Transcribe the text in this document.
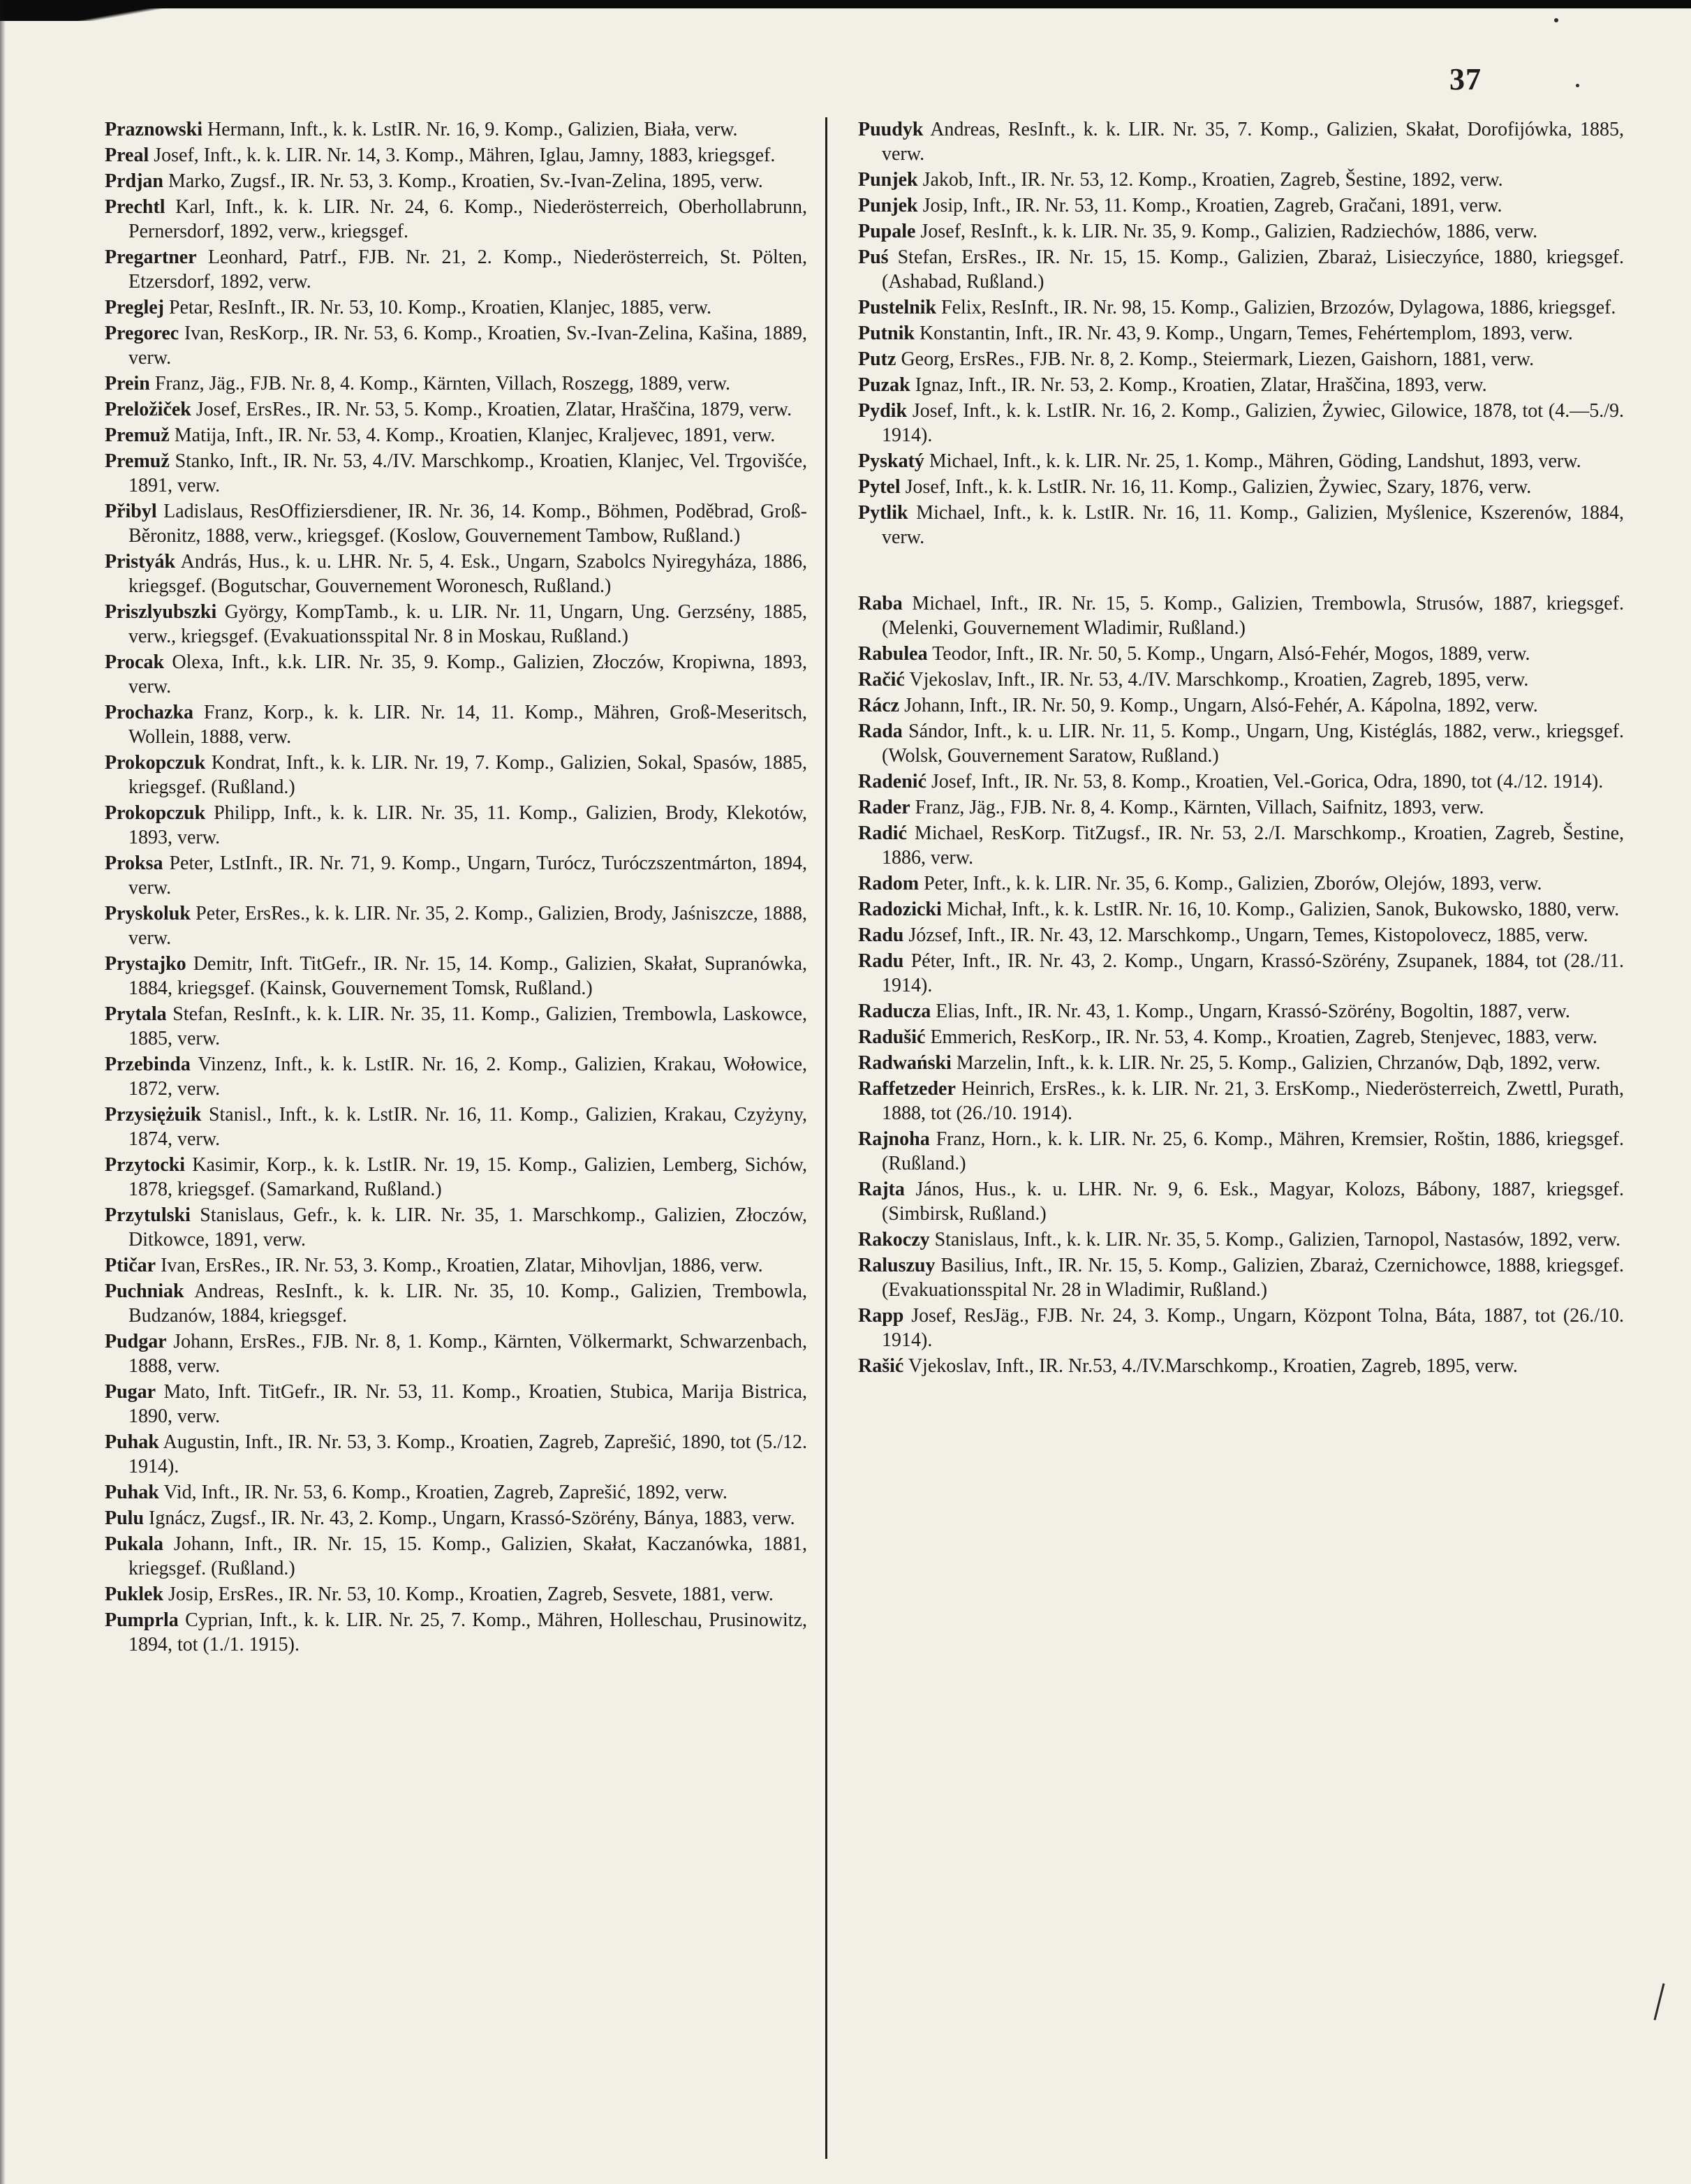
37

Praznowski Hermann, Inft., k. k. LstIR. Nr. 16, 9. Komp., Galizien, Biała, verw.

Preal Josef, Inft., k. k. LIR. Nr. 14, 3. Komp., Mähren, Iglau, Jamny, 1883, kriegsgef.

Prdjan Marko, Zugsf., IR. Nr. 53, 3. Komp., Kroatien, Sv.-Ivan-Zelina, 1895, verw.

Prechtl Karl, Inft., k. k. LIR. Nr. 24, 6. Komp., Niederösterreich, Oberhollabrunn, Pernersdorf, 1892, verw., kriegsgef.

Pregartner Leonhard, Patrf., FJB. Nr. 21, 2. Komp., Niederösterreich, St. Pölten, Etzersdorf, 1892, verw.

Preglej Petar, ResInft., IR. Nr. 53, 10. Komp., Kroatien, Klanjec, 1885, verw.

Pregorec Ivan, ResKorp., IR. Nr. 53, 6. Komp., Kroatien, Sv.-Ivan-Zelina, Kašina, 1889, verw.

Prein Franz, Jäg., FJB. Nr. 8, 4. Komp., Kärnten, Villach, Roszegg, 1889, verw.

Preložiček Josef, ErsRes., IR. Nr. 53, 5. Komp., Kroatien, Zlatar, Hraščina, 1879, verw.

Premuž Matija, Inft., IR. Nr. 53, 4. Komp., Kroatien, Klanjec, Kraljevec, 1891, verw.

Premuž Stanko, Inft., IR. Nr. 53, 4./IV. Marschkomp., Kroatien, Klanjec, Vel. Trgovišće, 1891, verw.

Přibyl Ladislaus, ResOffiziersdiener, IR. Nr. 36, 14. Komp., Böhmen, Poděbrad, Groß-Běronitz, 1888, verw., kriegsgef. (Koslow, Gouvernement Tambow, Rußland.)

Pristyák András, Hus., k. u. LHR. Nr. 5, 4. Esk., Ungarn, Szabolcs Nyiregyháza, 1886, kriegsgef. (Bogutschar, Gouvernement Woronesch, Rußland.)

Priszlyubszki György, KompTamb., k. u. LIR. Nr. 11, Ungarn, Ung. Gerzsény, 1885, verw., kriegsgef. (Evakuationsspital Nr. 8 in Moskau, Rußland.)

Procak Olexa, Inft., k.k. LIR. Nr. 35, 9. Komp., Galizien, Złoczów, Kropiwna, 1893, verw.

Prochazka Franz, Korp., k. k. LIR. Nr. 14, 11. Komp., Mähren, Groß-Meseritsch, Wollein, 1888, verw.

Prokopczuk Kondrat, Inft., k. k. LIR. Nr. 19, 7. Komp., Galizien, Sokal, Spasów, 1885, kriegsgef. (Rußland.)

Prokopczuk Philipp, Inft., k. k. LIR. Nr. 35, 11. Komp., Galizien, Brody, Klekotów, 1893, verw.

Proksa Peter, LstInft., IR. Nr. 71, 9. Komp., Ungarn, Turócz, Turóczszentmárton, 1894, verw.

Pryskoluk Peter, ErsRes., k. k. LIR. Nr. 35, 2. Komp., Galizien, Brody, Jaśniszcze, 1888, verw.

Prystajko Demitr, Inft. TitGefr., IR. Nr. 15, 14. Komp., Galizien, Skałat, Supranówka, 1884, kriegsgef. (Kainsk, Gouvernement Tomsk, Rußland.)

Prytala Stefan, ResInft., k. k. LIR. Nr. 35, 11. Komp., Galizien, Trembowla, Laskowce, 1885, verw.

Przebinda Vinzenz, Inft., k. k. LstIR. Nr. 16, 2. Komp., Galizien, Krakau, Wołowice, 1872, verw.

Przysiężuik Stanisl., Inft., k. k. LstIR. Nr. 16, 11. Komp., Galizien, Krakau, Czyżyny, 1874, verw.

Przytocki Kasimir, Korp., k. k. LstIR. Nr. 19, 15. Komp., Galizien, Lemberg, Sichów, 1878, kriegsgef. (Samarkand, Rußland.)

Przytulski Stanislaus, Gefr., k. k. LIR. Nr. 35, 1. Marschkomp., Galizien, Złoczów, Ditkowce, 1891, verw.

Ptičar Ivan, ErsRes., IR. Nr. 53, 3. Komp., Kroatien, Zlatar, Mihovljan, 1886, verw.

Puchniak Andreas, ResInft., k. k. LIR. Nr. 35, 10. Komp., Galizien, Trembowla, Budzanów, 1884, kriegsgef.

Pudgar Johann, ErsRes., FJB. Nr. 8, 1. Komp., Kärnten, Völkermarkt, Schwarzenbach, 1888, verw.

Pugar Mato, Inft. TitGefr., IR. Nr. 53, 11. Komp., Kroatien, Stubica, Marija Bistrica, 1890, verw.

Puhak Augustin, Inft., IR. Nr. 53, 3. Komp., Kroatien, Zagreb, Zaprešić, 1890, tot (5./12. 1914).

Puhak Vid, Inft., IR. Nr. 53, 6. Komp., Kroatien, Zagreb, Zaprešić, 1892, verw.

Pulu Ignácz, Zugsf., IR. Nr. 43, 2. Komp., Ungarn, Krassó-Szörény, Bánya, 1883, verw.

Pukala Johann, Inft., IR. Nr. 15, 15. Komp., Galizien, Skałat, Kaczanówka, 1881, kriegsgef. (Rußland.)

Puklek Josip, ErsRes., IR. Nr. 53, 10. Komp., Kroatien, Zagreb, Sesvete, 1881, verw.

Pumprla Cyprian, Inft., k. k. LIR. Nr. 25, 7. Komp., Mähren, Holleschau, Prusinowitz, 1894, tot (1./1. 1915).

Puudyk Andreas, ResInft., k. k. LIR. Nr. 35, 7. Komp., Galizien, Skałat, Dorofijówka, 1885, verw.

Punjek Jakob, Inft., IR. Nr. 53, 12. Komp., Kroatien, Zagreb, Šestine, 1892, verw.

Punjek Josip, Inft., IR. Nr. 53, 11. Komp., Kroatien, Zagreb, Gračani, 1891, verw.

Pupale Josef, ResInft., k. k. LIR. Nr. 35, 9. Komp., Galizien, Radziechów, 1886, verw.

Puś Stefan, ErsRes., IR. Nr. 15, 15. Komp., Galizien, Zbaraż, Lisieczyńce, 1880, kriegsgef. (Ashabad, Rußland.)

Pustelnik Felix, ResInft., IR. Nr. 98, 15. Komp., Galizien, Brzozów, Dylagowa, 1886, kriegsgef.

Putnik Konstantin, Inft., IR. Nr. 43, 9. Komp., Ungarn, Temes, Fehértemplom, 1893, verw.

Putz Georg, ErsRes., FJB. Nr. 8, 2. Komp., Steiermark, Liezen, Gaishorn, 1881, verw.

Puzak Ignaz, Inft., IR. Nr. 53, 2. Komp., Kroatien, Zlatar, Hraščina, 1893, verw.

Pydik Josef, Inft., k. k. LstIR. Nr. 16, 2. Komp., Galizien, Żywiec, Gilowice, 1878, tot (4.—5./9. 1914).

Pyskatý Michael, Inft., k. k. LIR. Nr. 25, 1. Komp., Mähren, Göding, Landshut, 1893, verw.

Pytel Josef, Inft., k. k. LstIR. Nr. 16, 11. Komp., Galizien, Żywiec, Szary, 1876, verw.

Pytlik Michael, Inft., k. k. LstIR. Nr. 16, 11. Komp., Galizien, Myślenice, Kszerenów, 1884, verw.

Raba Michael, Inft., IR. Nr. 15, 5. Komp., Galizien, Trembowla, Strusów, 1887, kriegsgef. (Melenki, Gouvernement Wladimir, Rußland.)

Rabulea Teodor, Inft., IR. Nr. 50, 5. Komp., Ungarn, Alsó-Fehér, Mogos, 1889, verw.

Račić Vjekoslav, Inft., IR. Nr. 53, 4./IV. Marschkomp., Kroatien, Zagreb, 1895, verw.

Rácz Johann, Inft., IR. Nr. 50, 9. Komp., Ungarn, Alsó-Fehér, A. Kápolna, 1892, verw.

Rada Sándor, Inft., k. u. LIR. Nr. 11, 5. Komp., Ungarn, Ung, Kistéglás, 1882, verw., kriegsgef. (Wolsk, Gouvernement Saratow, Rußland.)

Radenić Josef, Inft., IR. Nr. 53, 8. Komp., Kroatien, Vel.-Gorica, Odra, 1890, tot (4./12. 1914).

Rader Franz, Jäg., FJB. Nr. 8, 4. Komp., Kärnten, Villach, Saifnitz, 1893, verw.

Radić Michael, ResKorp. TitZugsf., IR. Nr. 53, 2./I. Marschkomp., Kroatien, Zagreb, Šestine, 1886, verw.

Radom Peter, Inft., k. k. LIR. Nr. 35, 6. Komp., Galizien, Zborów, Olejów, 1893, verw.

Radozicki Michał, Inft., k. k. LstIR. Nr. 16, 10. Komp., Galizien, Sanok, Bukowsko, 1880, verw.

Radu József, Inft., IR. Nr. 43, 12. Marschkomp., Ungarn, Temes, Kistopolovecz, 1885, verw.

Radu Péter, Inft., IR. Nr. 43, 2. Komp., Ungarn, Krassó-Szörény, Zsupanek, 1884, tot (28./11. 1914).

Raducza Elias, Inft., IR. Nr. 43, 1. Komp., Ungarn, Krassó-Szörény, Bogoltin, 1887, verw.

Radušić Emmerich, ResKorp., IR. Nr. 53, 4. Komp., Kroatien, Zagreb, Stenjevec, 1883, verw.

Radwański Marzelin, Inft., k. k. LIR. Nr. 25, 5. Komp., Galizien, Chrzanów, Dąb, 1892, verw.

Raffetzeder Heinrich, ErsRes., k. k. LIR. Nr. 21, 3. ErsKomp., Niederösterreich, Zwettl, Purath, 1888, tot (26./10. 1914).

Rajnoha Franz, Horn., k. k. LIR. Nr. 25, 6. Komp., Mähren, Kremsier, Roštin, 1886, kriegsgef. (Rußland.)

Rajta János, Hus., k. u. LHR. Nr. 9, 6. Esk., Magyar, Kolozs, Bábony, 1887, kriegsgef. (Simbirsk, Rußland.)

Rakoczy Stanislaus, Inft., k. k. LIR. Nr. 35, 5. Komp., Galizien, Tarnopol, Nastasów, 1892, verw.

Raluszuy Basilius, Inft., IR. Nr. 15, 5. Komp., Galizien, Zbaraż, Czernichowce, 1888, kriegsgef. (Evakuationsspital Nr. 28 in Wladimir, Rußland.)

Rapp Josef, ResJäg., FJB. Nr. 24, 3. Komp., Ungarn, Központ Tolna, Báta, 1887, tot (26./10. 1914).

Rašić Vjekoslav, Inft., IR. Nr.53, 4./IV.Marschkomp., Kroatien, Zagreb, 1895, verw.
